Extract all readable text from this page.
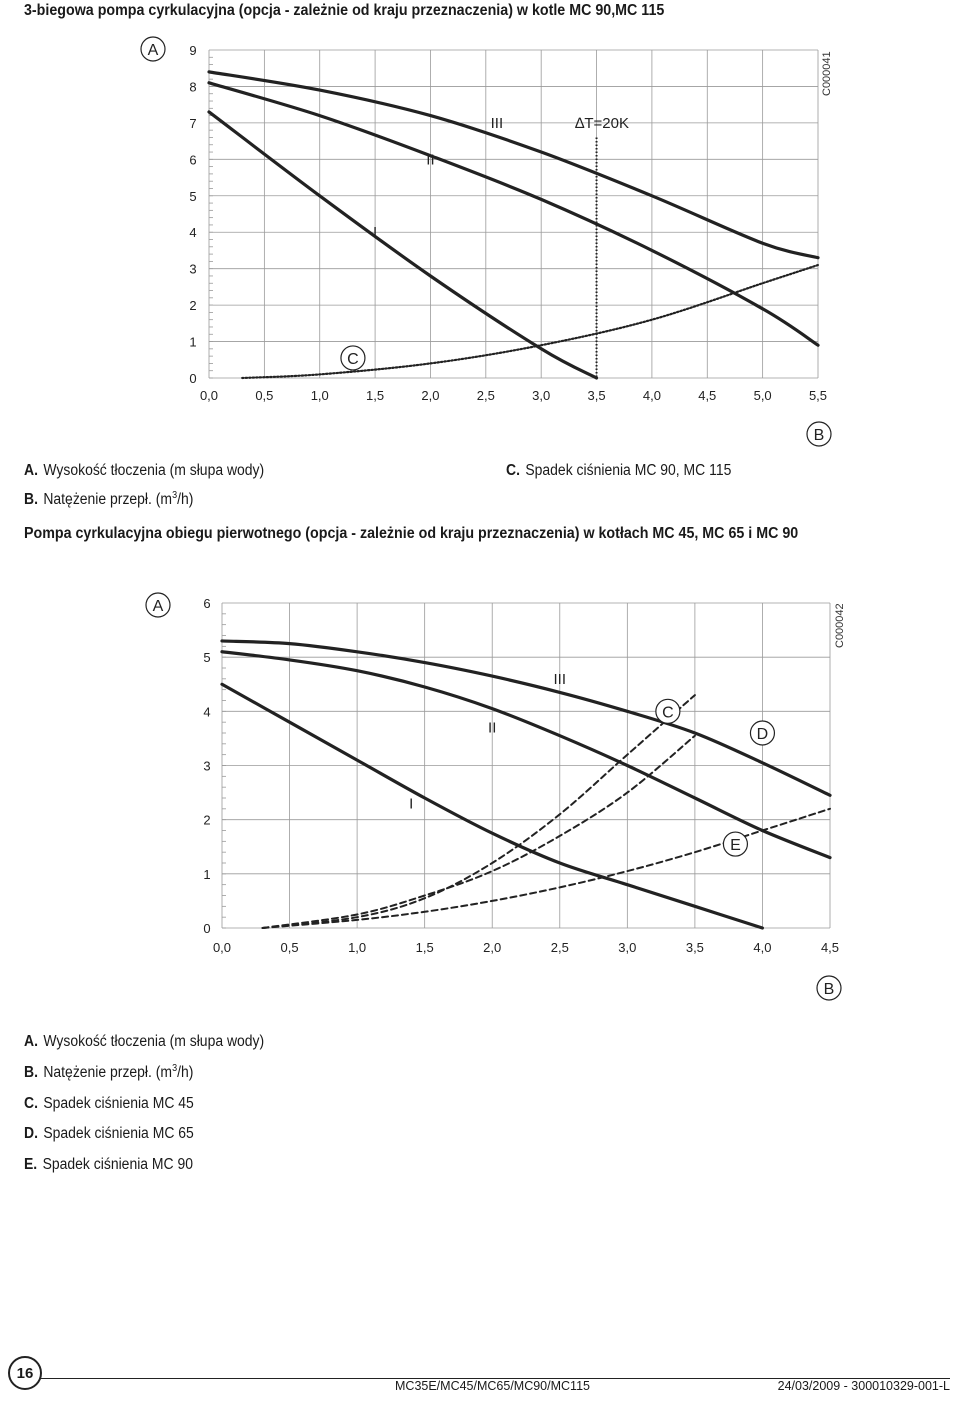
3-biegowa pompa cyrkulacyjna (opcja - zależnie od kraju przeznaczenia) w kotle MC 90,MC 115
0,0	0,5	1,0	1,5	2,0	2,5	3,0	3,5	4,0	4,5	5,0	5,5
0
1
2
3
4
5
6
7
8
9
A
B
C000041
I
II
III
C
∆T=20K
A. Wysokość tłoczenia (m słupa wody)
B. Natężenie przepł. $(m^3/h)$
C. Spadek ciśnienia MC 90, MC 115
Pompa cyrkulacyjna obiegu pierwotnego (opcja - zależnie od kraju przeznaczenia) w kotłach MC 45, MC 65 i MC 90
0,0	0,5	1,0	1,5	2,0	2,5	3,0	3,5	4,0	4,5
0
1
2
3
4
5
6
A
B
C000042
I
II
III
C
D
E
A. Wysokość tłoczenia (m słupa wody)
B. Natężenie przepł. $(m^3/h)$
C. Spadek ciśnienia MC 45
D. Spadek ciśnienia MC 65
E. Spadek ciśnienia MC 90
16
MC35E/MC45/MC65/MC90/MC115	24/03/2009 - 300010329-001-L
